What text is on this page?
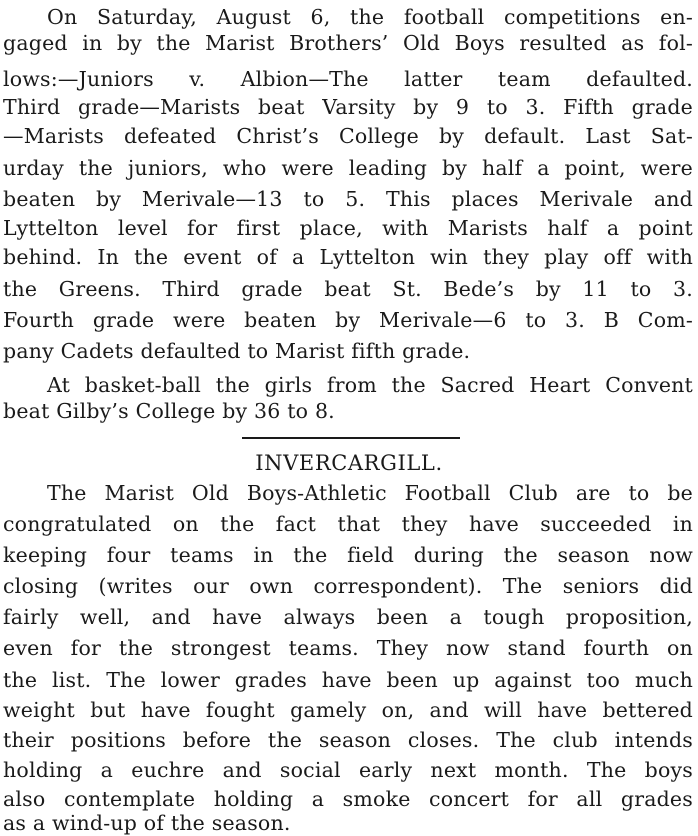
On Saturday, August 6, the football competitions en-
gaged in by the Marist Brothers’ Old Boys resulted as fol-
lows:—Juniors v. Albion—The latter team defaulted.
Third grade—Marists beat Varsity by 9 to 3. Fifth grade
—Marists defeated Christ’s College by default. Last Sat-
urday the juniors, who were leading by half a point, were
beaten by Merivale—13 to 5. This places Merivale and
Lyttelton level for first place, with Marists half a point
behind. In the event of a Lyttelton win they play off with
the Greens. Third grade beat St. Bede’s by 11 to 3.
Fourth grade were beaten by Merivale—6 to 3. B Com-
pany Cadets defaulted to Marist fifth grade.
At basket-ball the girls from the Sacred Heart Convent
beat Gilby’s College by 36 to 8.
INVERCARGILL.
The Marist Old Boys-Athletic Football Club are to be
congratulated on the fact that they have succeeded in
keeping four teams in the field during the season now
closing (writes our own correspondent). The seniors did
fairly well, and have always been a tough proposition,
even for the strongest teams. They now stand fourth on
the list. The lower grades have been up against too much
weight but have fought gamely on, and will have bettered
their positions before the season closes. The club intends
holding a euchre and social early next month. The boys
also contemplate holding a smoke concert for all grades
as a wind-up of the season.
